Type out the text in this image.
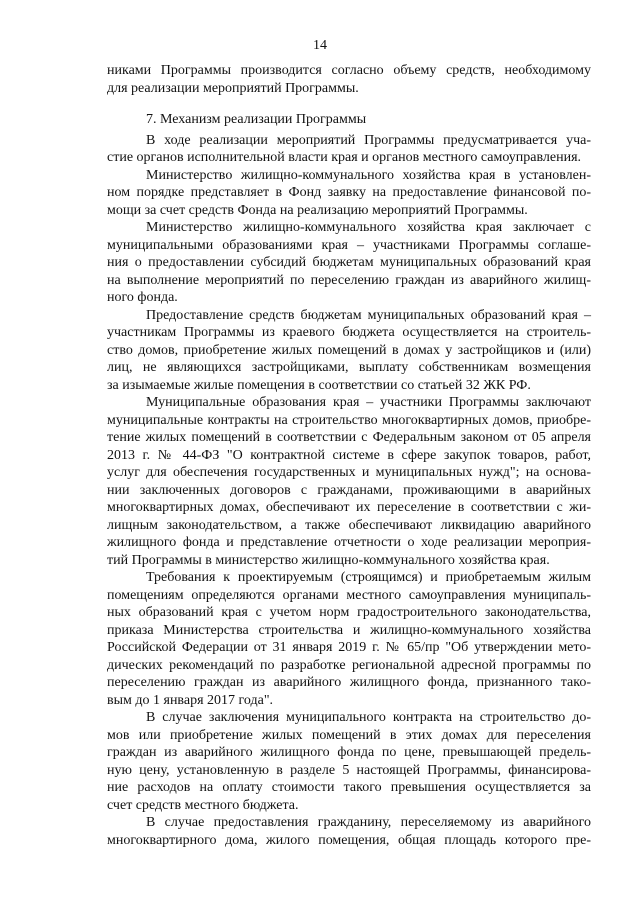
14
никами Программы производится согласно объему средств, необходимому
для реализации мероприятий Программы.
7. Механизм реализации Программы
В ходе реализации мероприятий Программы предусматривается уча-
стие органов исполнительной власти края и органов местного самоуправления.
Министерство жилищно-коммунального хозяйства края в установлен-
ном порядке представляет в Фонд заявку на предоставление финансовой по-
мощи за счет средств Фонда на реализацию мероприятий Программы.
Министерство жилищно-коммунального хозяйства края заключает с
муниципальными образованиями края – участниками Программы соглаше-
ния о предоставлении субсидий бюджетам муниципальных образований края
на выполнение мероприятий по переселению граждан из аварийного жилищ-
ного фонда.
Предоставление средств бюджетам муниципальных образований края –
участникам Программы из краевого бюджета осуществляется на строитель-
ство домов, приобретение жилых помещений в домах у застройщиков и (или)
лиц, не являющихся застройщиками, выплату собственникам возмещения
за изымаемые жилые помещения в соответствии со статьей 32 ЖК РФ.
Муниципальные образования края – участники Программы заключают
муниципальные контракты на строительство многоквартирных домов, приобре-
тение жилых помещений в соответствии с Федеральным законом от 05 апреля
2013 г. № 44-ФЗ "О контрактной системе в сфере закупок товаров, работ,
услуг для обеспечения государственных и муниципальных нужд"; на основа-
нии заключенных договоров с гражданами, проживающими в аварийных
многоквартирных домах, обеспечивают их переселение в соответствии с жи-
лищным законодательством, а также обеспечивают ликвидацию аварийного
жилищного фонда и представление отчетности о ходе реализации мероприя-
тий Программы в министерство жилищно-коммунального хозяйства края.
Требования к проектируемым (строящимся) и приобретаемым жилым
помещениям определяются органами местного самоуправления муниципаль-
ных образований края с учетом норм градостроительного законодательства,
приказа Министерства строительства и жилищно-коммунального хозяйства
Российской Федерации от 31 января 2019 г. № 65/пр "Об утверждении мето-
дических рекомендаций по разработке региональной адресной программы по
переселению граждан из аварийного жилищного фонда, признанного тако-
вым до 1 января 2017 года".
В случае заключения муниципального контракта на строительство до-
мов или приобретение жилых помещений в этих домах для переселения
граждан из аварийного жилищного фонда по цене, превышающей предель-
ную цену, установленную в разделе 5 настоящей Программы, финансирова-
ние расходов на оплату стоимости такого превышения осуществляется за
счет средств местного бюджета.
В случае предоставления гражданину, переселяемому из аварийного
многоквартирного дома, жилого помещения, общая площадь которого пре-
